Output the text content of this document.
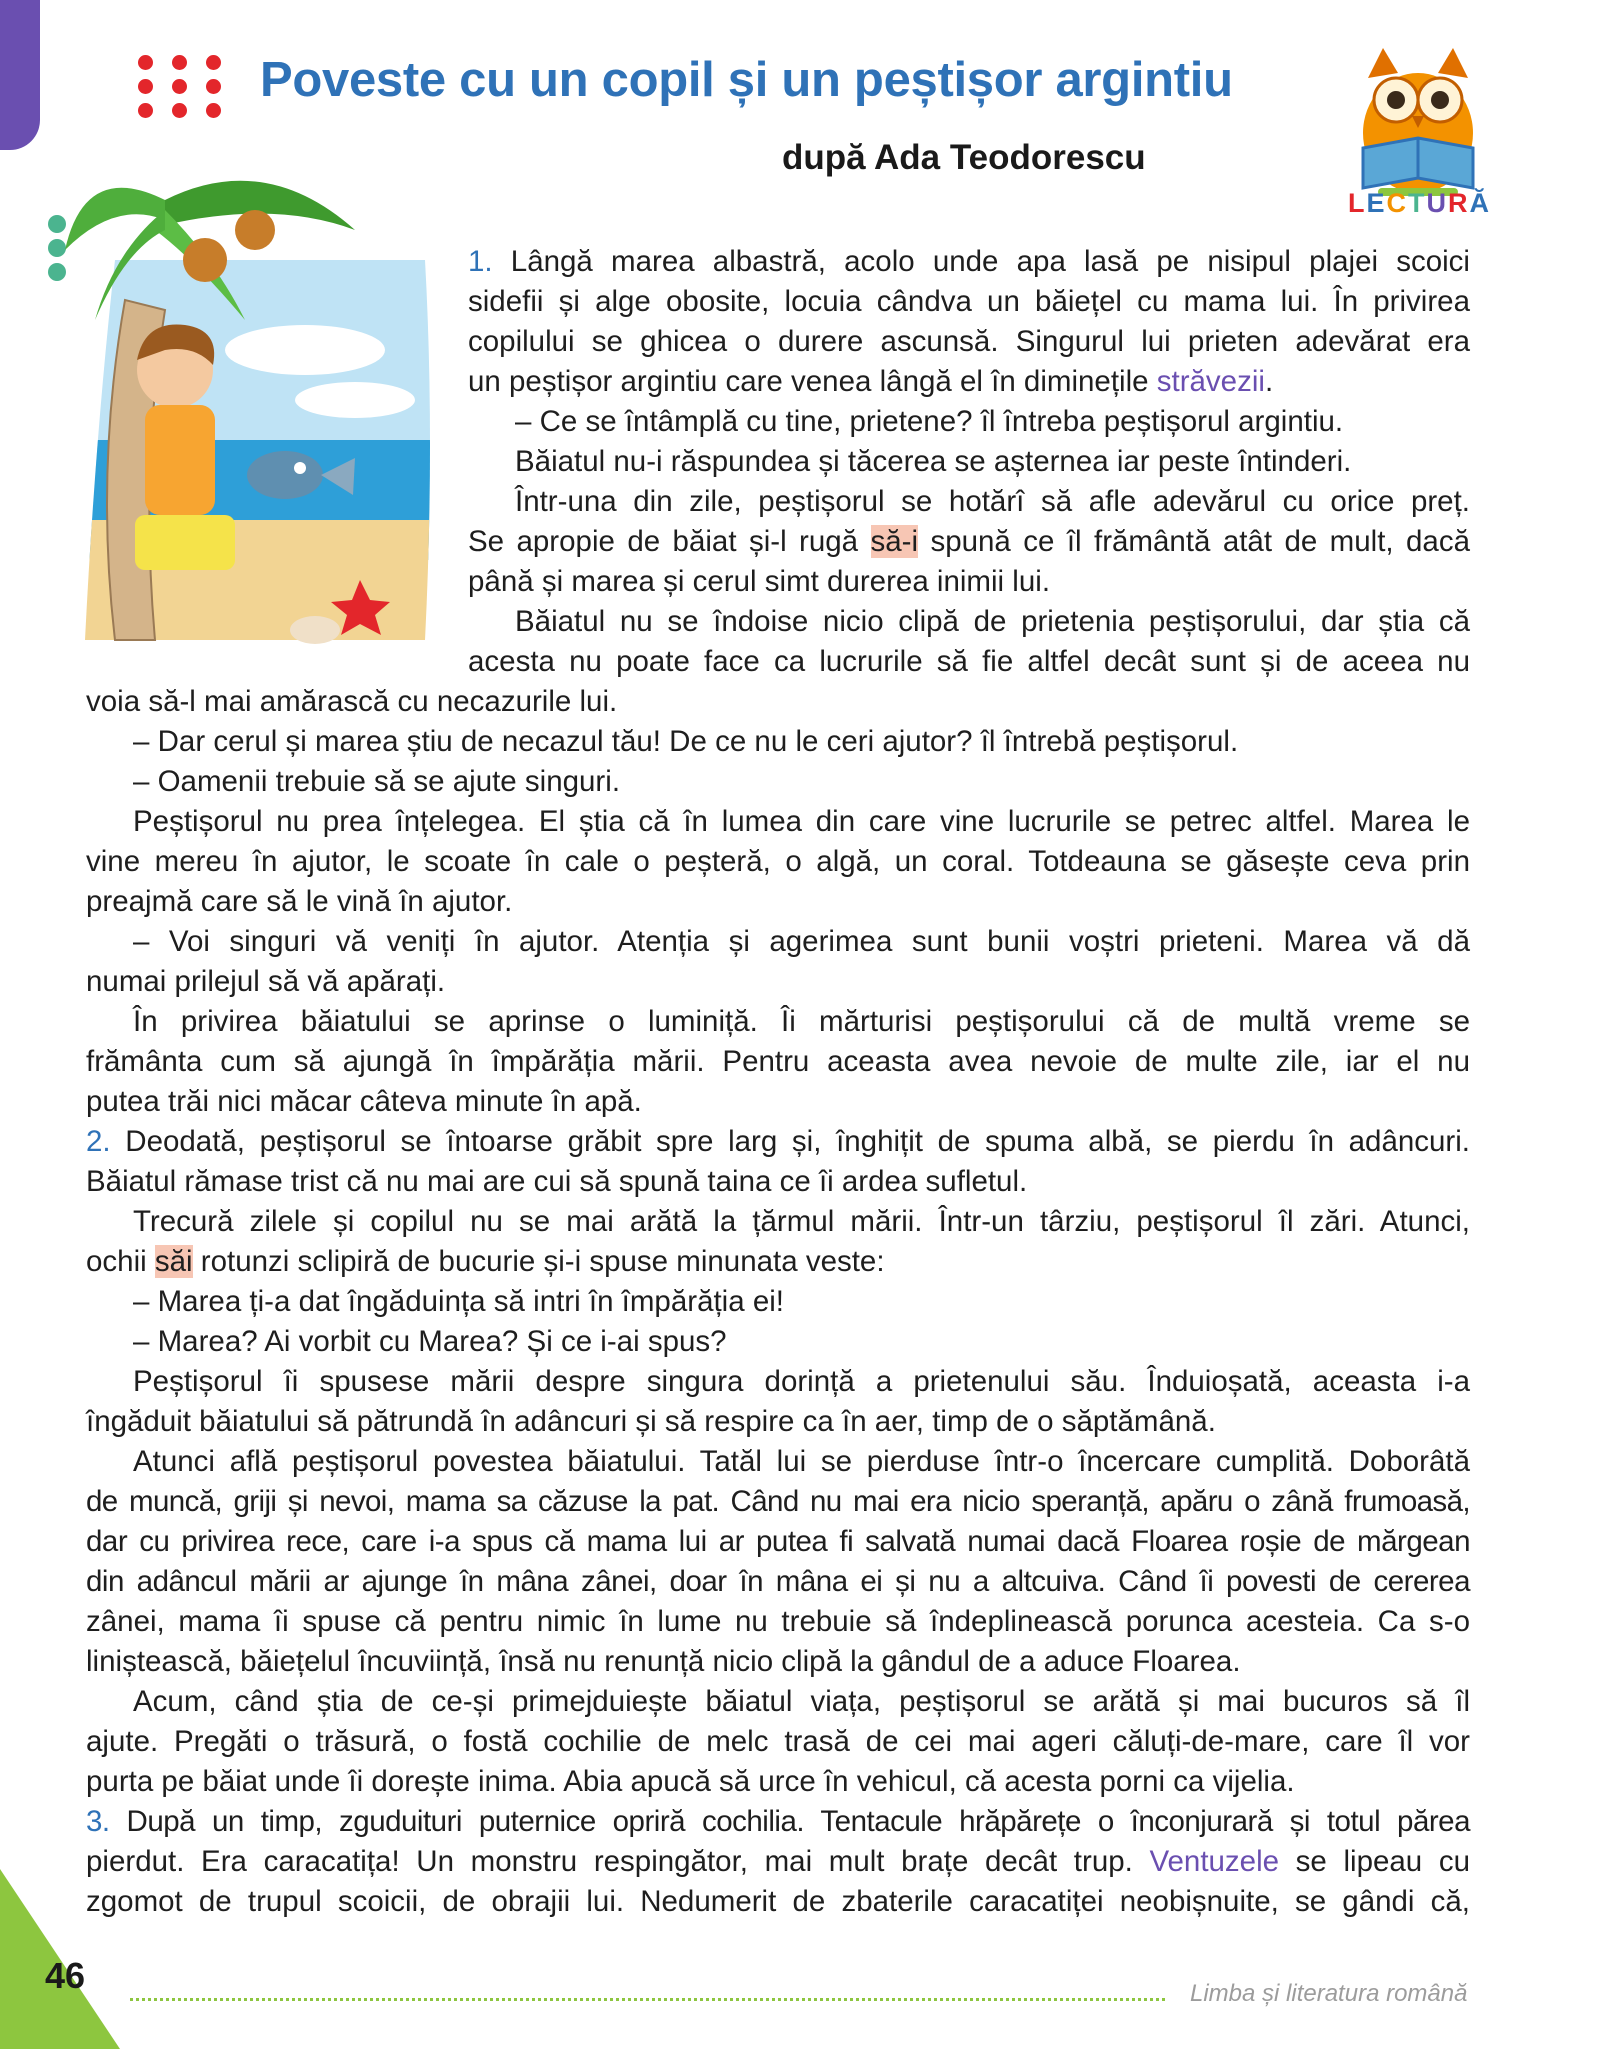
Poveste cu un copil și un peștișor argintiu
după Ada Teodorescu
LECTURĂ
1. Lângă marea albastră, acolo unde apa lasă pe nisipul plajei scoici
sidefii și alge obosite, locuia cândva un băiețel cu mama lui. În privirea
copilului se ghicea o durere ascunsă. Singurul lui prieten adevărat era
un peștișor argintiu care venea lângă el în diminețile străvezii.
– Ce se întâmplă cu tine, prietene? îl întreba peștișorul argintiu.
Băiatul nu-i răspundea și tăcerea se așternea iar peste întinderi.
Într-una din zile, peștișorul se hotărî să afle adevărul cu orice preț.
Se apropie de băiat și-l rugă să-i spună ce îl frământă atât de mult, dacă
până și marea și cerul simt durerea inimii lui.
Băiatul nu se îndoise nicio clipă de prietenia peștișorului, dar știa că
acesta nu poate face ca lucrurile să fie altfel decât sunt și de aceea nu
voia să-l mai amărască cu necazurile lui.
– Dar cerul și marea știu de necazul tău! De ce nu le ceri ajutor? îl întrebă peștișorul.
– Oamenii trebuie să se ajute singuri.
Peștișorul nu prea înțelegea. El știa că în lumea din care vine lucrurile se petrec altfel. Marea le
vine mereu în ajutor, le scoate în cale o peșteră, o algă, un coral. Totdeauna se găsește ceva prin
preajmă care să le vină în ajutor.
– Voi singuri vă veniți în ajutor. Atenția și agerimea sunt bunii voștri prieteni. Marea vă dă
numai prilejul să vă apărați.
În privirea băiatului se aprinse o luminiță. Îi mărturisi peștișorului că de multă vreme se
frământa cum să ajungă în împărăția mării. Pentru aceasta avea nevoie de multe zile, iar el nu
putea trăi nici măcar câteva minute în apă.
2. Deodată, peștișorul se întoarse grăbit spre larg și, înghițit de spuma albă, se pierdu în adâncuri.
Băiatul rămase trist că nu mai are cui să spună taina ce îi ardea sufletul.
Trecură zilele și copilul nu se mai arătă la țărmul mării. Într-un târziu, peștișorul îl zări. Atunci,
ochii săi rotunzi sclipiră de bucurie și-i spuse minunata veste:
– Marea ți-a dat îngăduința să intri în împărăția ei!
– Marea? Ai vorbit cu Marea? Și ce i-ai spus?
Peștișorul îi spusese mării despre singura dorință a prietenului său. Înduioșată, aceasta i-a
îngăduit băiatului să pătrundă în adâncuri și să respire ca în aer, timp de o săptămână.
Atunci află peștișorul povestea băiatului. Tatăl lui se pierduse într-o încercare cumplită. Doborâtă
de muncă, griji și nevoi, mama sa căzuse la pat. Când nu mai era nicio speranță, apăru o zână frumoasă,
dar cu privirea rece, care i-a spus că mama lui ar putea fi salvată numai dacă Floarea roșie de mărgean
din adâncul mării ar ajunge în mâna zânei, doar în mâna ei și nu a altcuiva. Când îi povesti de cererea
zânei, mama îi spuse că pentru nimic în lume nu trebuie să îndeplinească porunca acesteia. Ca s-o
liniștească, băiețelul încuviință, însă nu renunță nicio clipă la gândul de a aduce Floarea.
Acum, când știa de ce-și primejduiește băiatul viața, peștișorul se arătă și mai bucuros să îl
ajute. Pregăti o trăsură, o fostă cochilie de melc trasă de cei mai ageri căluți-de-mare, care îl vor
purta pe băiat unde îi dorește inima. Abia apucă să urce în vehicul, că acesta porni ca vijelia.
3. După un timp, zguduituri puternice opriră cochilia. Tentacule hrăpărețe o înconjurară și totul părea
pierdut. Era caracatița! Un monstru respingător, mai mult brațe decât trup. Ventuzele se lipeau cu
zgomot de trupul scoicii, de obrajii lui. Nedumerit de zbaterile caracatiței neobișnuite, se gândi că,
46	Limba și literatura română
